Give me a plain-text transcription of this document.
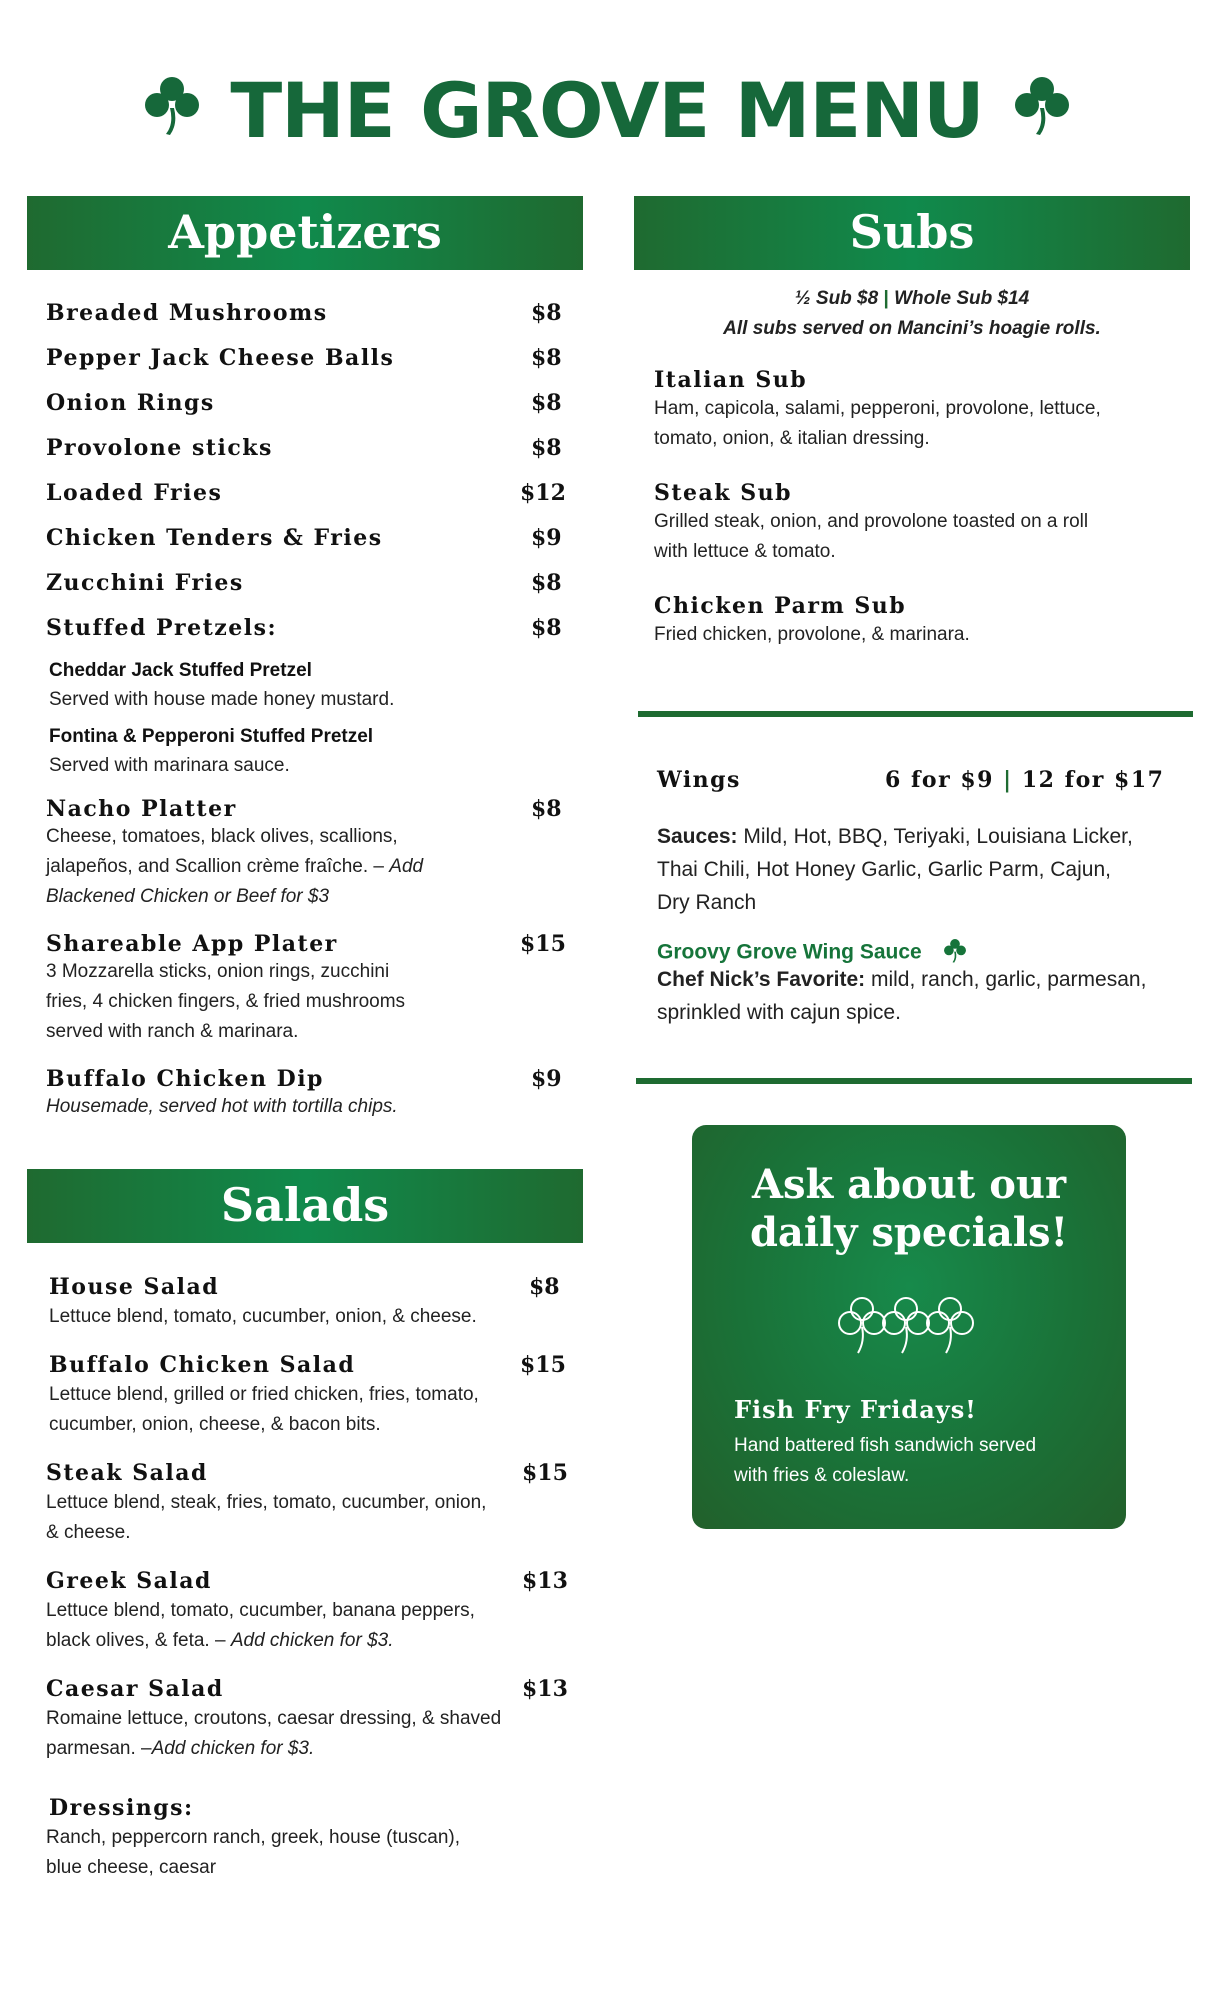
THE GROVE MENU
Appetizers
Breaded Mushrooms	$8
Pepper Jack Cheese Balls	$8
Onion Rings	$8
Provolone sticks	$8
Loaded Fries	$12
Chicken Tenders & Fries	$9
Zucchini Fries	$8
Stuffed Pretzels:	$8
Cheddar Jack Stuffed Pretzel
Served with house made honey mustard.
Fontina & Pepperoni Stuffed Pretzel
Served with marinara sauce.
Nacho Platter	$8
Cheese, tomatoes, black olives, scallions,
jalapeños, and Scallion crème fraîche. – Add
Blackened Chicken or Beef for $3
Shareable App Plater	$15
3 Mozzarella sticks, onion rings, zucchini
fries, 4 chicken fingers, & fried mushrooms
served with ranch & marinara.
Buffalo Chicken Dip	$9
Housemade, served hot with tortilla chips.
Subs
½ Sub $8 | Whole Sub $14
All subs served on Mancini’s hoagie rolls.
Italian Sub
Ham, capicola, salami, pepperoni, provolone, lettuce,
tomato, onion, & italian dressing.
Steak Sub
Grilled steak, onion, and provolone toasted on a roll
with lettuce & tomato.
Chicken Parm Sub
Fried chicken, provolone, & marinara.
Wings	6 for $9 | 12 for $17
Sauces: Mild, Hot, BBQ, Teriyaki, Louisiana Licker,
Thai Chili, Hot Honey Garlic, Garlic Parm, Cajun,
Dry Ranch
Groovy Grove Wing Sauce
Chef Nick’s Favorite: mild, ranch, garlic, parmesan,
sprinkled with cajun spice.
Ask about our
daily specials!
Fish Fry Fridays!
Hand battered fish sandwich served
with fries & coleslaw.
Salads
House Salad	$8
Lettuce blend, tomato, cucumber, onion, & cheese.
Buffalo Chicken Salad	$15
Lettuce blend, grilled or fried chicken, fries, tomato,
cucumber, onion, cheese, & bacon bits.
Steak Salad	$15
Lettuce blend, steak, fries, tomato, cucumber, onion,
& cheese.
Greek Salad	$13
Lettuce blend, tomato, cucumber, banana peppers,
black olives, & feta. – Add chicken for $3.
Caesar Salad	$13
Romaine lettuce, croutons, caesar dressing, & shaved
parmesan. –Add chicken for $3.
Dressings:
Ranch, peppercorn ranch, greek, house (tuscan),
blue cheese, caesar
